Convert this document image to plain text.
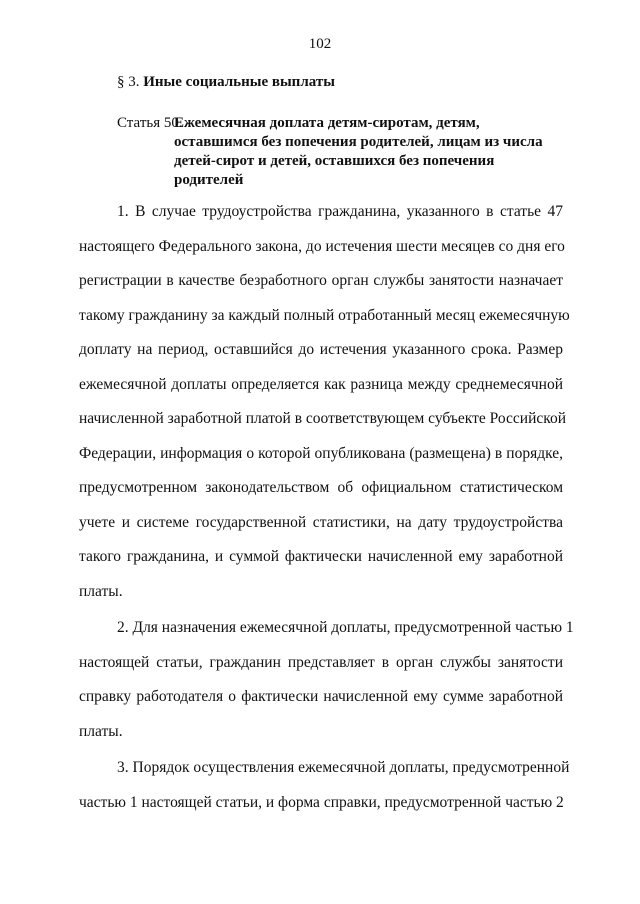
102
§ 3. Иные социальные выплаты
Статья 50.
Ежемесячная доплата детям-сиротам, детям,
оставшимся без попечения родителей, лицам из числа
детей-сирот и детей, оставшихся без попечения
родителей
1. В случае трудоустройства гражданина, указанного в статье 47
настоящего Федерального закона, до истечения шести месяцев со дня его
регистрации в качестве безработного орган службы занятости назначает
такому гражданину за каждый полный отработанный месяц ежемесячную
доплату на период, оставшийся до истечения указанного срока. Размер
ежемесячной доплаты определяется как разница между среднемесячной
начисленной заработной платой в соответствующем субъекте Российской
Федерации, информация о которой опубликована (размещена) в порядке,
предусмотренном законодательством об официальном статистическом
учете и системе государственной статистики, на дату трудоустройства
такого гражданина, и суммой фактически начисленной ему заработной
платы.
2. Для назначения ежемесячной доплаты, предусмотренной частью 1
настоящей статьи, гражданин представляет в орган службы занятости
справку работодателя о фактически начисленной ему сумме заработной
платы.
3. Порядок осуществления ежемесячной доплаты, предусмотренной
частью 1 настоящей статьи, и форма справки, предусмотренной частью 2
